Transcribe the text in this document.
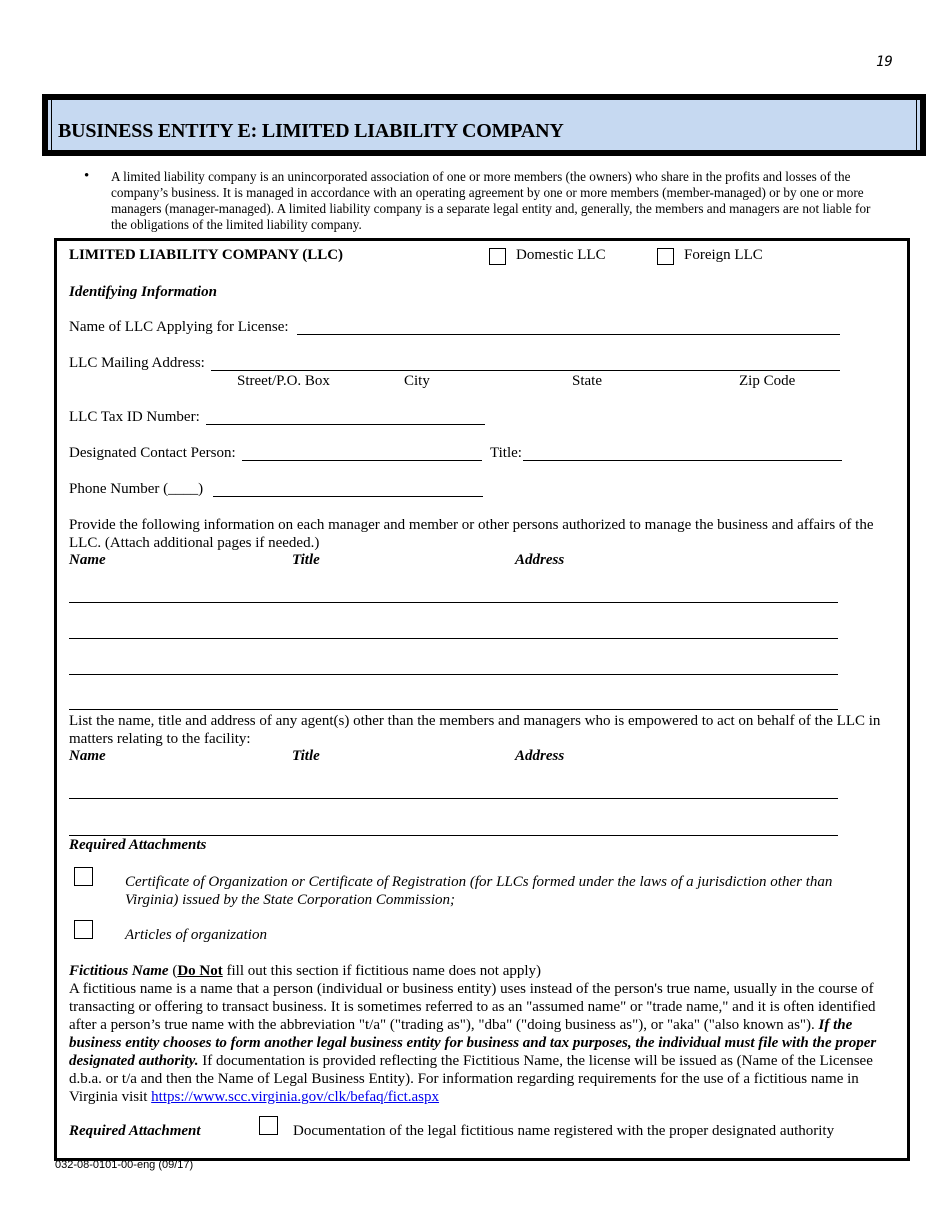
19
BUSINESS ENTITY E: LIMITED LIABILITY COMPANY
• A limited liability company is an unincorporated association of one or more members (the owners) who share in the profits and losses of the company’s business. It is managed in accordance with an operating agreement by one or more members (member-managed) or by one or more managers (manager-managed). A limited liability company is a separate legal entity and, generally, the members and managers are not liable for the obligations of the limited liability company.
LIMITED LIABILITY COMPANY (LLC)	Domestic LLC	Foreign LLC
Identifying Information
Name of LLC Applying for License:
LLC Mailing Address:
Street/P.O. Box	City	State	Zip Code
LLC Tax ID Number:
Designated Contact Person:	Title:
Phone Number (____)
Provide the following information on each manager and member or other persons authorized to manage the business and affairs of the LLC. (Attach additional pages if needed.)
Name	Title	Address
List the name, title and address of any agent(s) other than the members and managers who is empowered to act on behalf of the LLC in matters relating to the facility:
Name	Title	Address
Required Attachments
Certificate of Organization or Certificate of Registration (for LLCs formed under the laws of a jurisdiction other than Virginia) issued by the State Corporation Commission;
Articles of organization
Fictitious Name (Do Not fill out this section if fictitious name does not apply)
A fictitious name is a name that a person (individual or business entity) uses instead of the person's true name, usually in the course of transacting or offering to transact business. It is sometimes referred to as an "assumed name" or "trade name," and it is often identified after a person’s true name with the abbreviation "t/a" ("trading as"), "dba" ("doing business as"), or "aka" ("also known as"). If the business entity chooses to form another legal business entity for business and tax purposes, the individual must file with the proper designated authority. If documentation is provided reflecting the Fictitious Name, the license will be issued as (Name of the Licensee d.b.a. or t/a and then the Name of Legal Business Entity). For information regarding requirements for the use of a fictitious name in Virginia visit https://www.scc.virginia.gov/clk/befaq/fict.aspx
Required Attachment	Documentation of the legal fictitious name registered with the proper designated authority
032-08-0101-00-eng (09/17)
